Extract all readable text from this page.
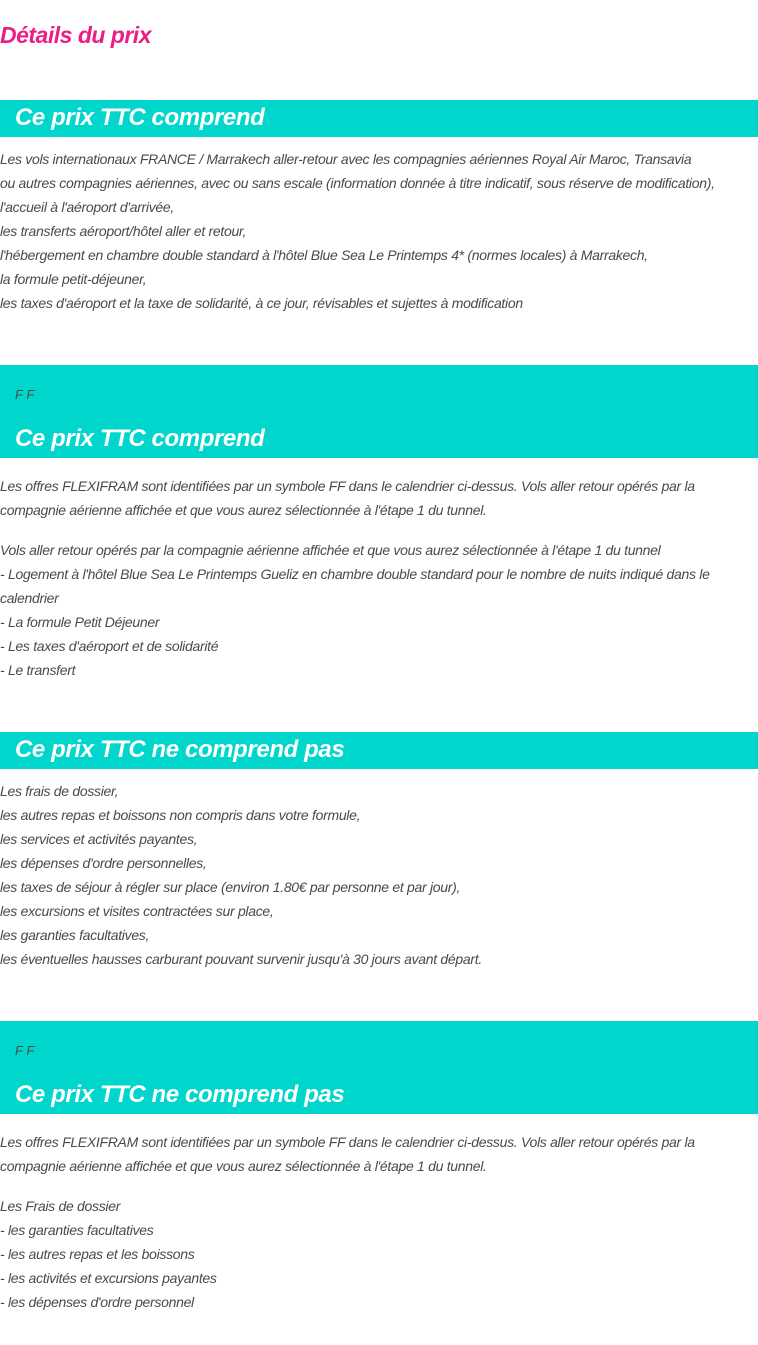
Détails du prix
Ce prix TTC comprend
Les vols internationaux FRANCE / Marrakech aller-retour avec les compagnies aériennes Royal Air Maroc, Transavia
ou autres compagnies aériennes, avec ou sans escale (information donnée à titre indicatif, sous réserve de modification),
l'accueil à l'aéroport d'arrivée,
les transferts aéroport/hôtel aller et retour,
l'hébergement en chambre double standard à l'hôtel Blue Sea Le Printemps 4* (normes locales) à Marrakech,
la formule petit-déjeuner,
les taxes d'aéroport et la taxe de solidarité, à ce jour, révisables et sujettes à modification
F F
Ce prix TTC comprend
Les offres FLEXIFRAM sont identifiées par un symbole FF dans le calendrier ci-dessus. Vols aller retour opérés par la compagnie aérienne affichée et que vous aurez sélectionnée à l'étape 1 du tunnel.
Vols aller retour opérés par la compagnie aérienne affichée et que vous aurez sélectionnée à l'étape 1 du tunnel
- Logement à l'hôtel Blue Sea Le Printemps Gueliz en chambre double standard pour le nombre de nuits indiqué dans le calendrier
- La formule Petit Déjeuner
- Les taxes d'aéroport et de solidarité
- Le transfert
Ce prix TTC ne comprend pas
Les frais de dossier,
les autres repas et boissons non compris dans votre formule,
les services et activités payantes,
les dépenses d'ordre personnelles,
les taxes de séjour à régler sur place (environ 1.80€ par personne et par jour),
les excursions et visites contractées sur place,
les garanties facultatives,
les éventuelles hausses carburant pouvant survenir jusqu'à 30 jours avant départ.
F F
Ce prix TTC ne comprend pas
Les offres FLEXIFRAM sont identifiées par un symbole FF dans le calendrier ci-dessus. Vols aller retour opérés par la compagnie aérienne affichée et que vous aurez sélectionnée à l'étape 1 du tunnel.
Les Frais de dossier
- les garanties facultatives
- les autres repas et les boissons
- les activités et excursions payantes
- les dépenses d'ordre personnel
